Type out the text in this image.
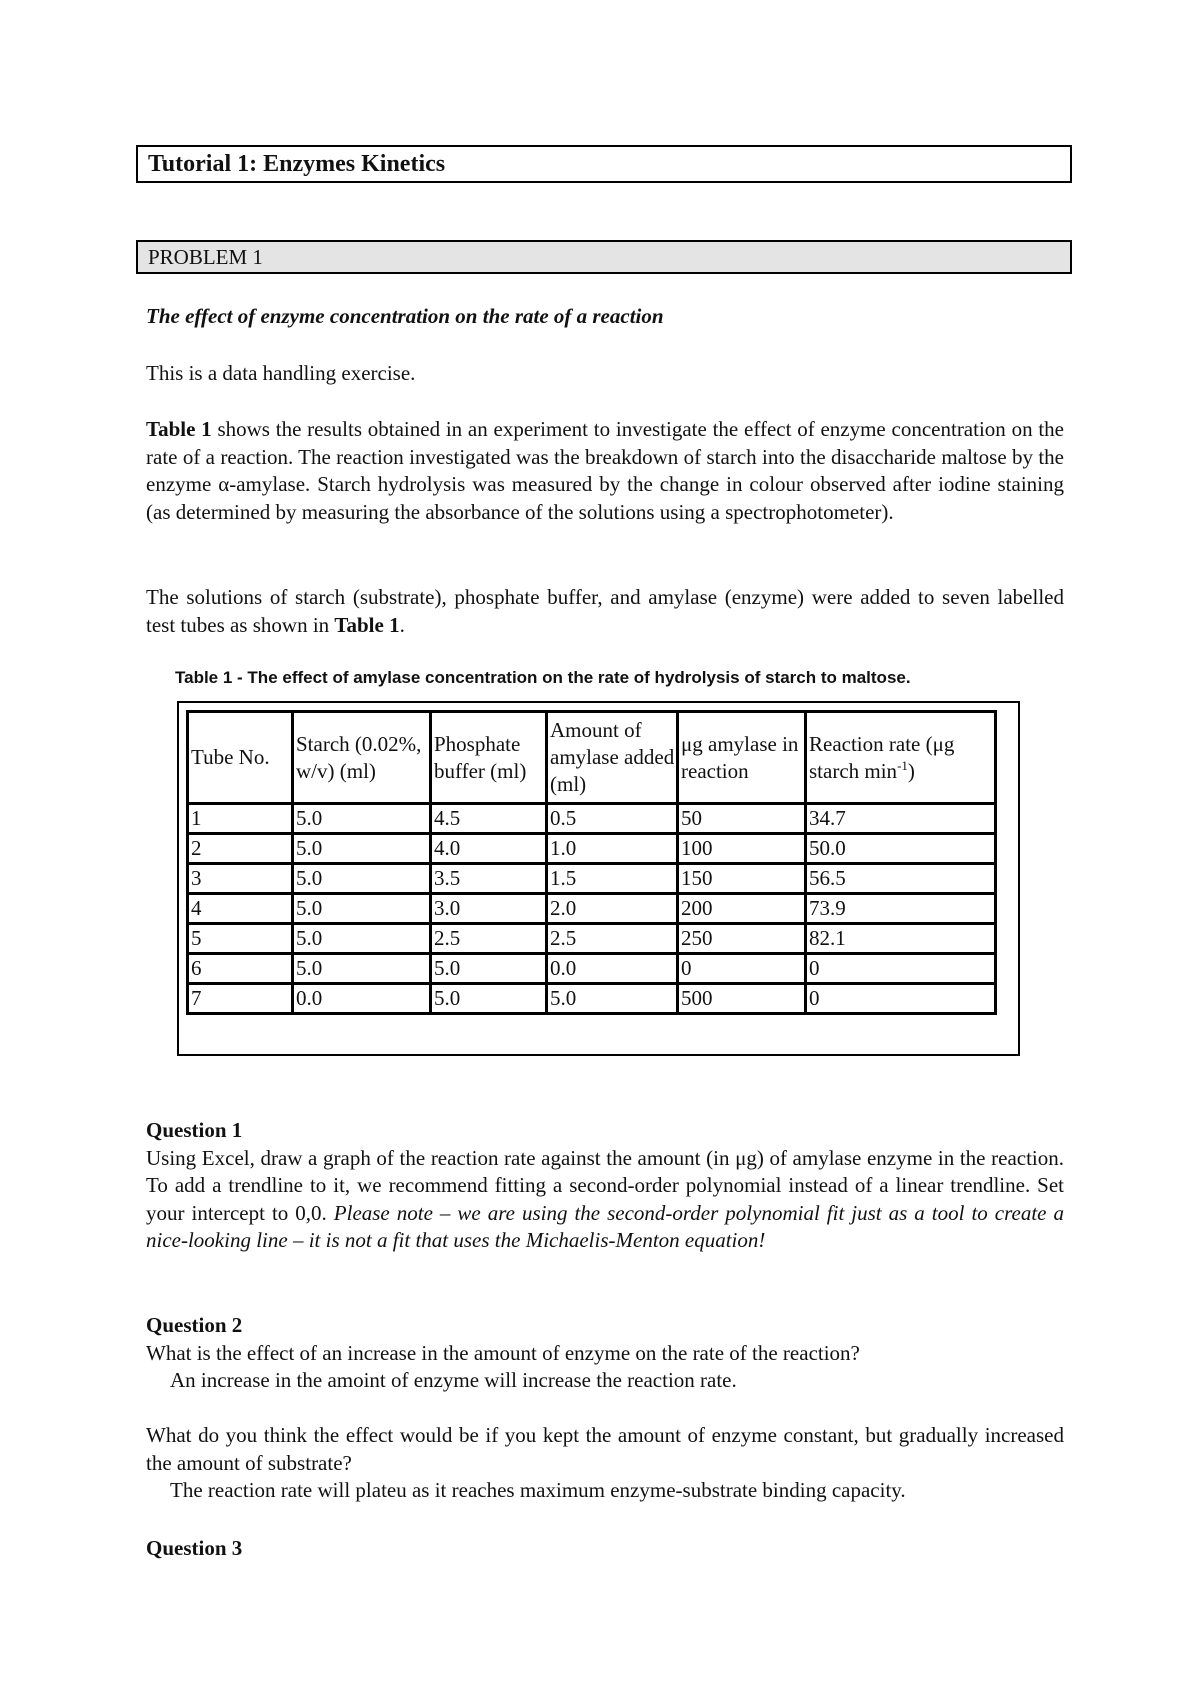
Tutorial 1: Enzymes Kinetics
PROBLEM 1
The effect of enzyme concentration on the rate of a reaction
This is a data handling exercise.
Table 1 shows the results obtained in an experiment to investigate the effect of enzyme concentration on the rate of a reaction. The reaction investigated was the breakdown of starch into the disaccharide maltose by the enzyme α-amylase. Starch hydrolysis was measured by the change in colour observed after iodine staining (as determined by measuring the absorbance of the solutions using a spectrophotometer).
The solutions of starch (substrate), phosphate buffer, and amylase (enzyme) were added to seven labelled test tubes as shown in Table 1.
Table 1 - The effect of amylase concentration on the rate of hydrolysis of starch to maltose.
Tube No.	Starch (0.02%, w/v) (ml)	Phosphate buffer (ml)	Amount of amylase added (ml)	μg amylase in reaction	Reaction rate (μg starch $\min^{-1}$)
1	5.0	4.5	0.5	50	34.7
2	5.0	4.0	1.0	100	50.0
3	5.0	3.5	1.5	150	56.5
4	5.0	3.0	2.0	200	73.9
5	5.0	2.5	2.5	250	82.1
6	5.0	5.0	0.0	0	0
7	0.0	5.0	5.0	500	0
Question 1
Using Excel, draw a graph of the reaction rate against the amount (in μg) of amylase enzyme in the reaction. To add a trendline to it, we recommend fitting a second-order polynomial instead of a linear trendline. Set your intercept to 0,0. Please note – we are using the second-order polynomial fit just as a tool to create a nice-looking line – it is not a fit that uses the Michaelis-Menton equation!
Question 2
What is the effect of an increase in the amount of enzyme on the rate of the reaction?
An increase in the amoint of enzyme will increase the reaction rate.
What do you think the effect would be if you kept the amount of enzyme constant, but gradually increased the amount of substrate?
The reaction rate will plateu as it reaches maximum enzyme-substrate binding capacity.
Question 3
